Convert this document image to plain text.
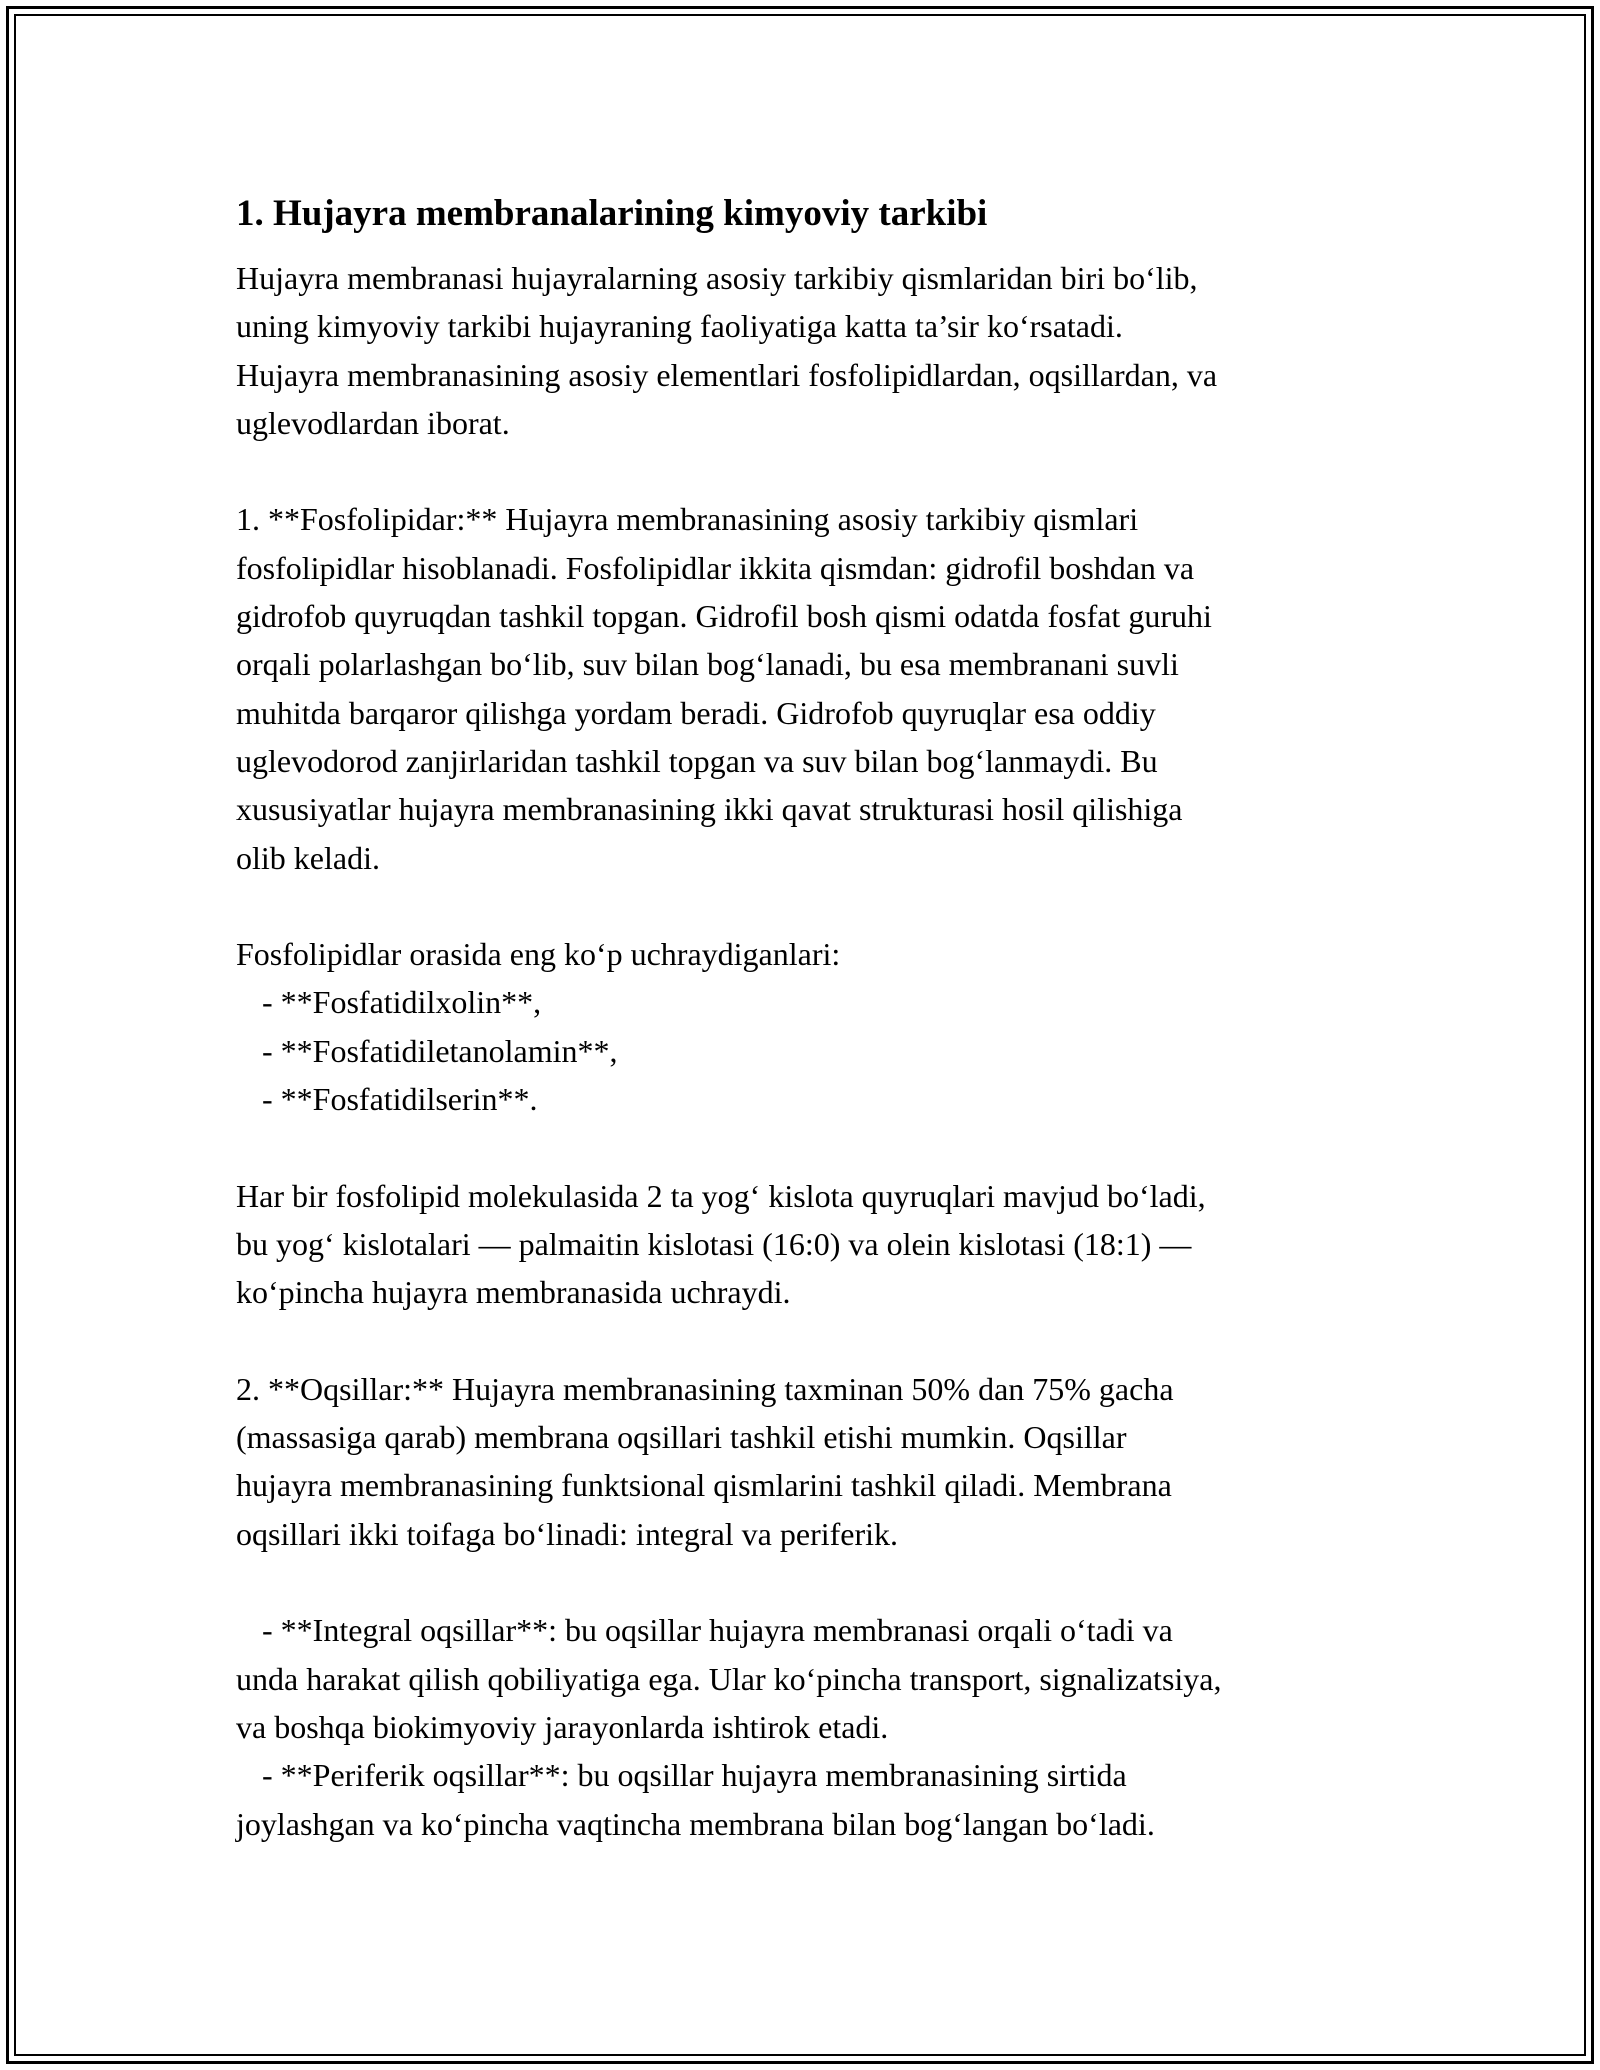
1. Hujayra membranalarining kimyoviy tarkibi

Hujayra membranasi hujayralarning asosiy tarkibiy qismlaridan biri bo‘lib,
uning kimyoviy tarkibi hujayraning faoliyatiga katta ta’sir ko‘rsatadi.
Hujayra membranasining asosiy elementlari fosfolipidlardan, oqsillardan, va
uglevodlardan iborat.

1. **Fosfolipidar:** Hujayra membranasining asosiy tarkibiy qismlari
fosfolipidlar hisoblanadi. Fosfolipidlar ikkita qismdan: gidrofil boshdan va
gidrofob quyruqdan tashkil topgan. Gidrofil bosh qismi odatda fosfat guruhi
orqali polarlashgan bo‘lib, suv bilan bog‘lanadi, bu esa membranani suvli
muhitda barqaror qilishga yordam beradi. Gidrofob quyruqlar esa oddiy
uglevodorod zanjirlaridan tashkil topgan va suv bilan bog‘lanmaydi. Bu
xususiyatlar hujayra membranasining ikki qavat strukturasi hosil qilishiga
olib keladi.

Fosfolipidlar orasida eng ko‘p uchraydiganlari:
- **Fosfatidilxolin**,
- **Fosfatidiletanolamin**,
- **Fosfatidilserin**.

Har bir fosfolipid molekulasida 2 ta yog‘ kislota quyruqlari mavjud bo‘ladi,
bu yog‘ kislotalari — palmaitin kislotasi (16:0) va olein kislotasi (18:1) —
ko‘pincha hujayra membranasida uchraydi.

2. **Oqsillar:** Hujayra membranasining taxminan 50% dan 75% gacha
(massasiga qarab) membrana oqsillari tashkil etishi mumkin. Oqsillar
hujayra membranasining funktsional qismlarini tashkil qiladi. Membrana
oqsillari ikki toifaga bo‘linadi: integral va periferik.

- **Integral oqsillar**: bu oqsillar hujayra membranasi orqali o‘tadi va
unda harakat qilish qobiliyatiga ega. Ular ko‘pincha transport, signalizatsiya,
va boshqa biokimyoviy jarayonlarda ishtirok etadi.
- **Periferik oqsillar**: bu oqsillar hujayra membranasining sirtida
joylashgan va ko‘pincha vaqtincha membrana bilan bog‘langan bo‘ladi.
